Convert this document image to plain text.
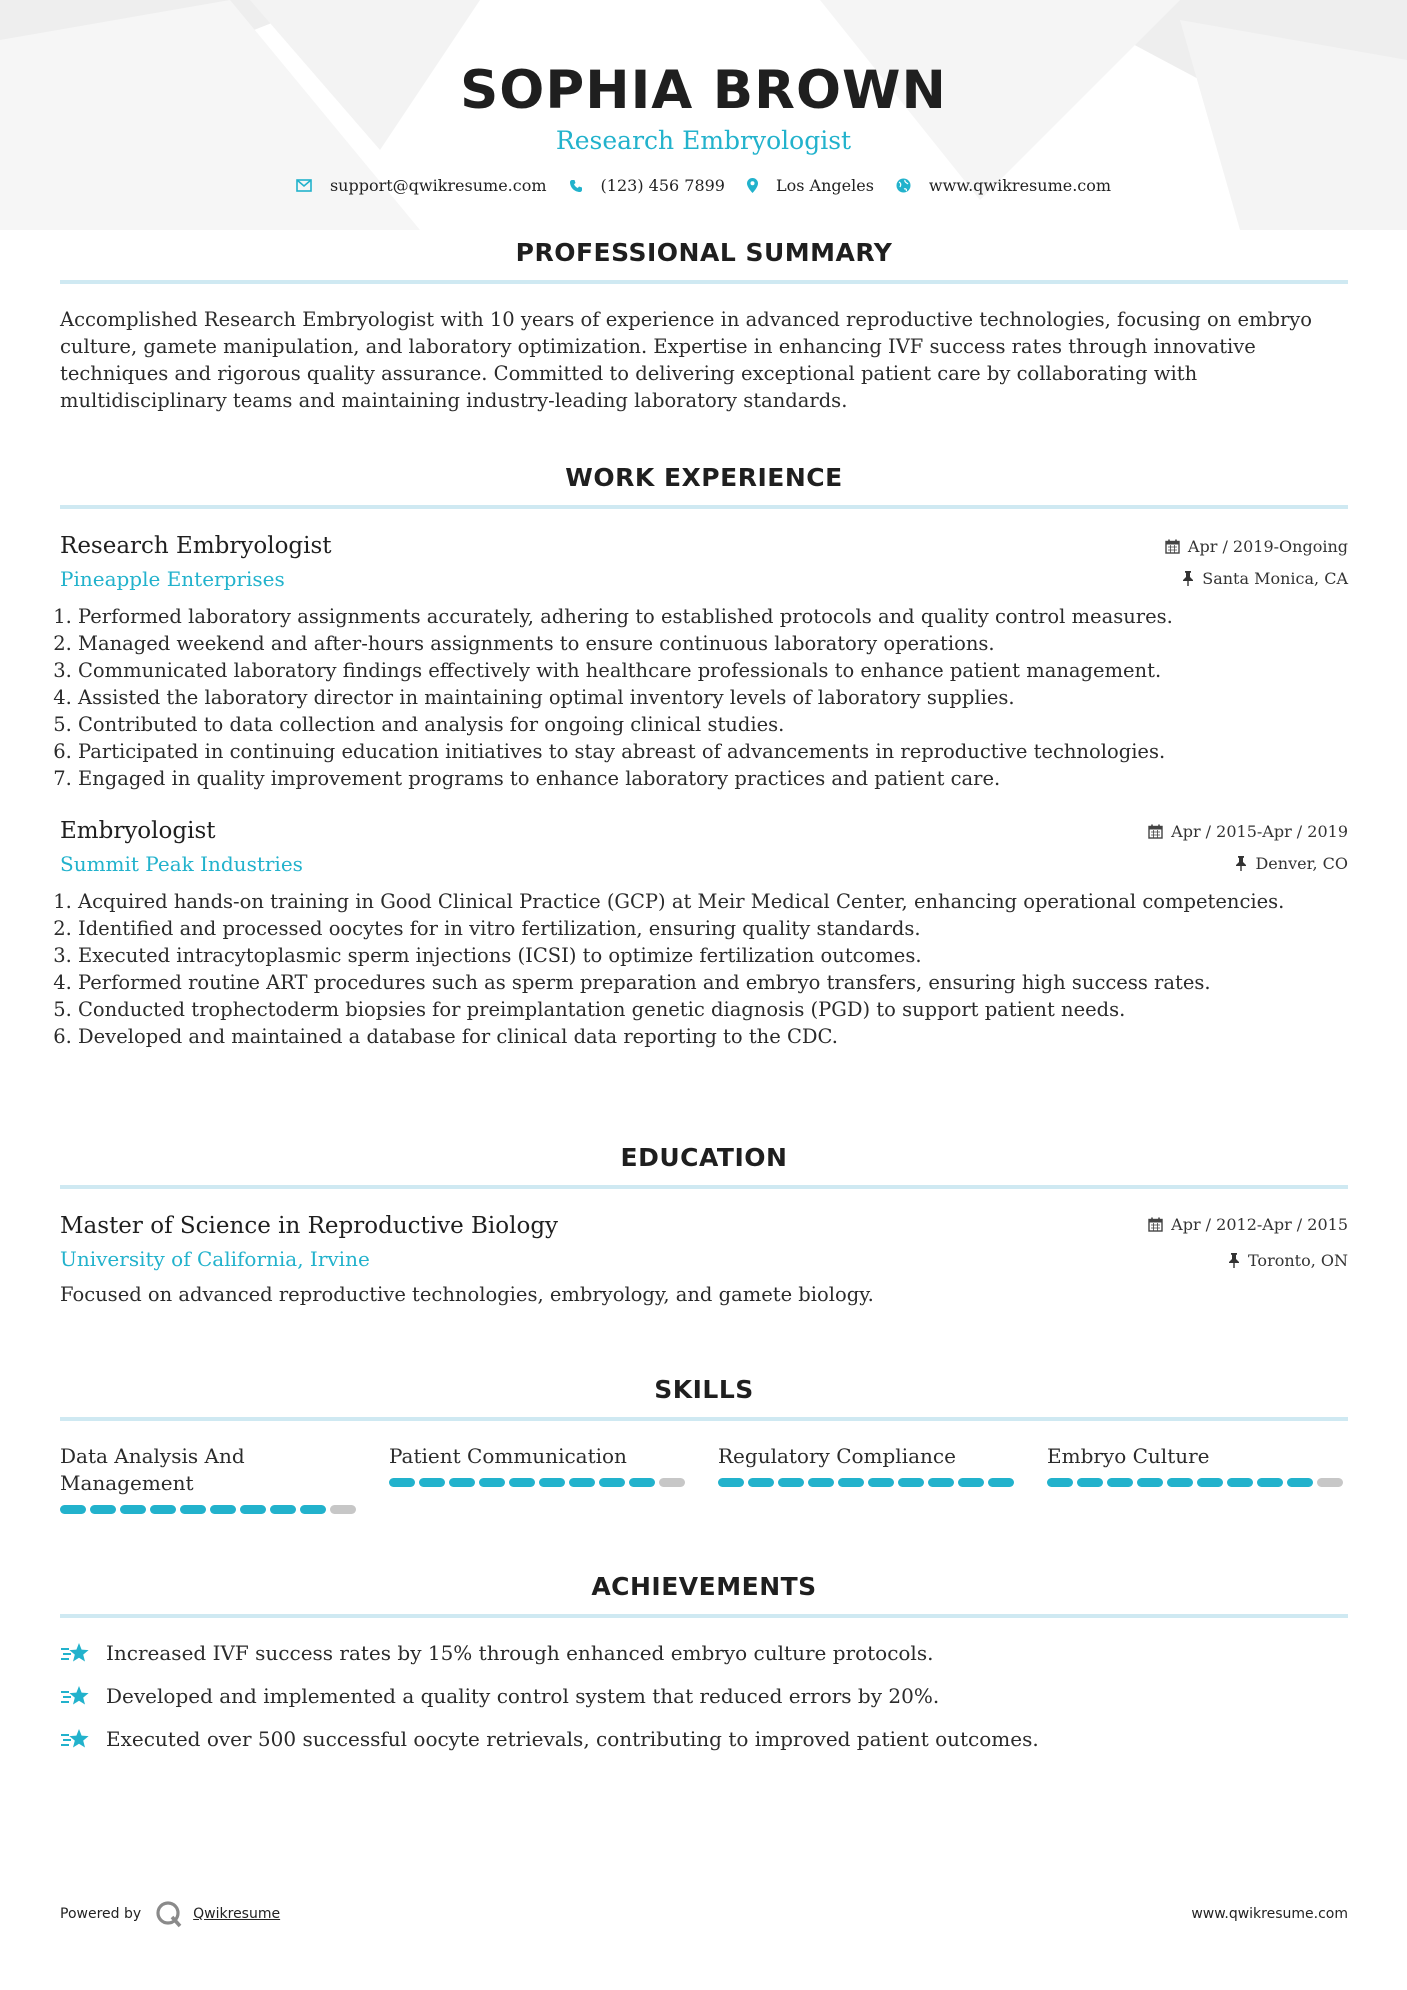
SOPHIA BROWN
Research Embryologist
support@qwikresume.com	(123) 456 7899	Los Angeles	www.qwikresume.com
PROFESSIONAL SUMMARY
Accomplished Research Embryologist with 10 years of experience in advanced reproductive technologies, focusing on embryo culture, gamete manipulation, and laboratory optimization. Expertise in enhancing IVF success rates through innovative techniques and rigorous quality assurance. Committed to delivering exceptional patient care by collaborating with multidisciplinary teams and maintaining industry-leading laboratory standards.
WORK EXPERIENCE
Apr / 2019-Ongoing
Santa Monica, CA
Research Embryologist
Pineapple Enterprises
1. Performed laboratory assignments accurately, adhering to established protocols and quality control measures.
2. Managed weekend and after-hours assignments to ensure continuous laboratory operations.
3. Communicated laboratory findings effectively with healthcare professionals to enhance patient management.
4. Assisted the laboratory director in maintaining optimal inventory levels of laboratory supplies.
5. Contributed to data collection and analysis for ongoing clinical studies.
6. Participated in continuing education initiatives to stay abreast of advancements in reproductive technologies.
7. Engaged in quality improvement programs to enhance laboratory practices and patient care.
Apr / 2015-Apr / 2019
Denver, CO
Embryologist
Summit Peak Industries
1. Acquired hands-on training in Good Clinical Practice (GCP) at Meir Medical Center, enhancing operational competencies.
2. Identified and processed oocytes for in vitro fertilization, ensuring quality standards.
3. Executed intracytoplasmic sperm injections (ICSI) to optimize fertilization outcomes.
4. Performed routine ART procedures such as sperm preparation and embryo transfers, ensuring high success rates.
5. Conducted trophectoderm biopsies for preimplantation genetic diagnosis (PGD) to support patient needs.
6. Developed and maintained a database for clinical data reporting to the CDC.
EDUCATION
Apr / 2012-Apr / 2015
Toronto, ON
Master of Science in Reproductive Biology
University of California, Irvine
Focused on advanced reproductive technologies, embryology, and gamete biology.
SKILLS
Data Analysis And Management
Patient Communication	Regulatory Compliance	Embryo Culture
ACHIEVEMENTS
Increased IVF success rates by 15% through enhanced embryo culture protocols.
Developed and implemented a quality control system that reduced errors by 20%.
Executed over 500 successful oocyte retrievals, contributing to improved patient outcomes.
Powered by	Qwikresume	www.qwikresume.com
